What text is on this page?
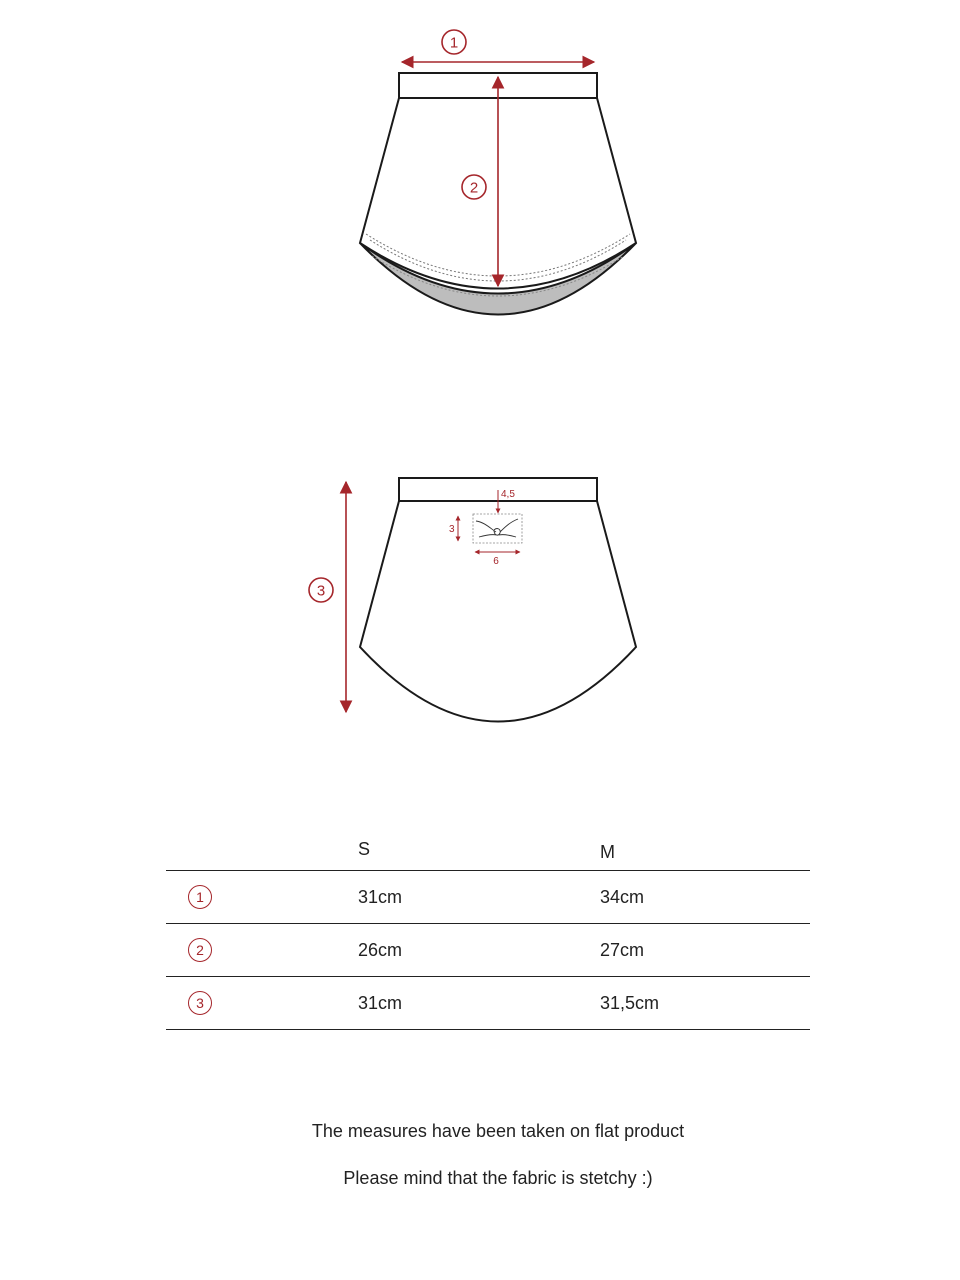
1
2
3
4,5
3
6
	S	M
1	31cm	34cm
2	26cm	27cm
3	31cm	31,5cm
The measures have been taken on flat product
Please mind that the fabric is stetchy :)
